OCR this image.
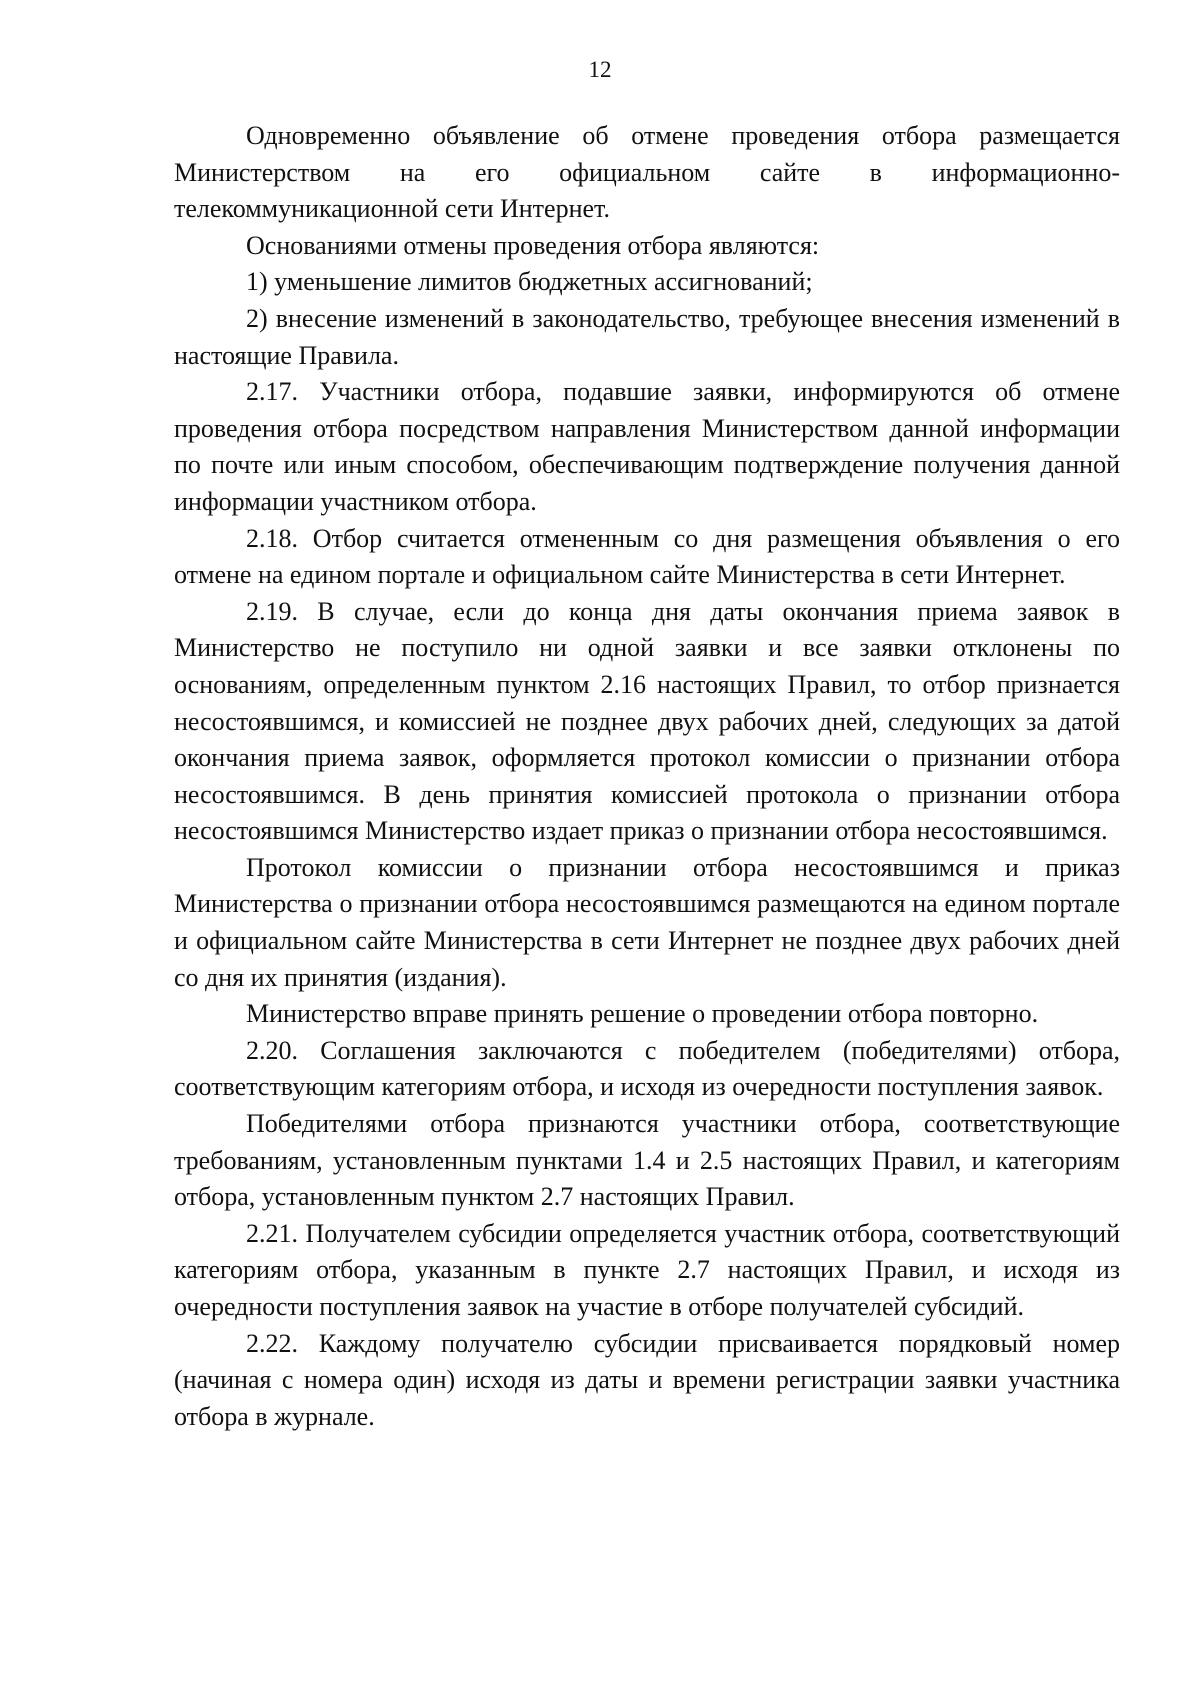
12

Одновременно объявление об отмене проведения отбора размещается Министерством на его официальном сайте в информационно-телекоммуникационной сети Интернет.

Основаниями отмены проведения отбора являются:

1) уменьшение лимитов бюджетных ассигнований;

2) внесение изменений в законодательство, требующее внесения изменений в настоящие Правила.

2.17. Участники отбора, подавшие заявки, информируются об отмене проведения отбора посредством направления Министерством данной информации по почте или иным способом, обеспечивающим подтверждение получения данной информации участником отбора.

2.18. Отбор считается отмененным со дня размещения объявления о его отмене на едином портале и официальном сайте Министерства в сети Интернет.

2.19. В случае, если до конца дня даты окончания приема заявок в Министерство не поступило ни одной заявки и все заявки отклонены по основаниям, определенным пунктом 2.16 настоящих Правил, то отбор признается несостоявшимся, и комиссией не позднее двух рабочих дней, следующих за датой окончания приема заявок, оформляется протокол комиссии о признании отбора несостоявшимся. В день принятия комиссией протокола о признании отбора несостоявшимся Министерство издает приказ о признании отбора несостоявшимся.

Протокол комиссии о признании отбора несостоявшимся и приказ Министерства о признании отбора несостоявшимся размещаются на едином портале и официальном сайте Министерства в сети Интернет не позднее двух рабочих дней со дня их принятия (издания).

Министерство вправе принять решение о проведении отбора повторно.

2.20. Соглашения заключаются с победителем (победителями) отбора, соответствующим категориям отбора, и исходя из очередности поступления заявок.

Победителями отбора признаются участники отбора, соответствующие требованиям, установленным пунктами 1.4 и 2.5 настоящих Правил, и категориям отбора, установленным пунктом 2.7 настоящих Правил.

2.21. Получателем субсидии определяется участник отбора, соответствующий категориям отбора, указанным в пункте 2.7 настоящих Правил, и исходя из очередности поступления заявок на участие в отборе получателей субсидий.

2.22. Каждому получателю субсидии присваивается порядковый номер (начиная с номера один) исходя из даты и времени регистрации заявки участника отбора в журнале.
